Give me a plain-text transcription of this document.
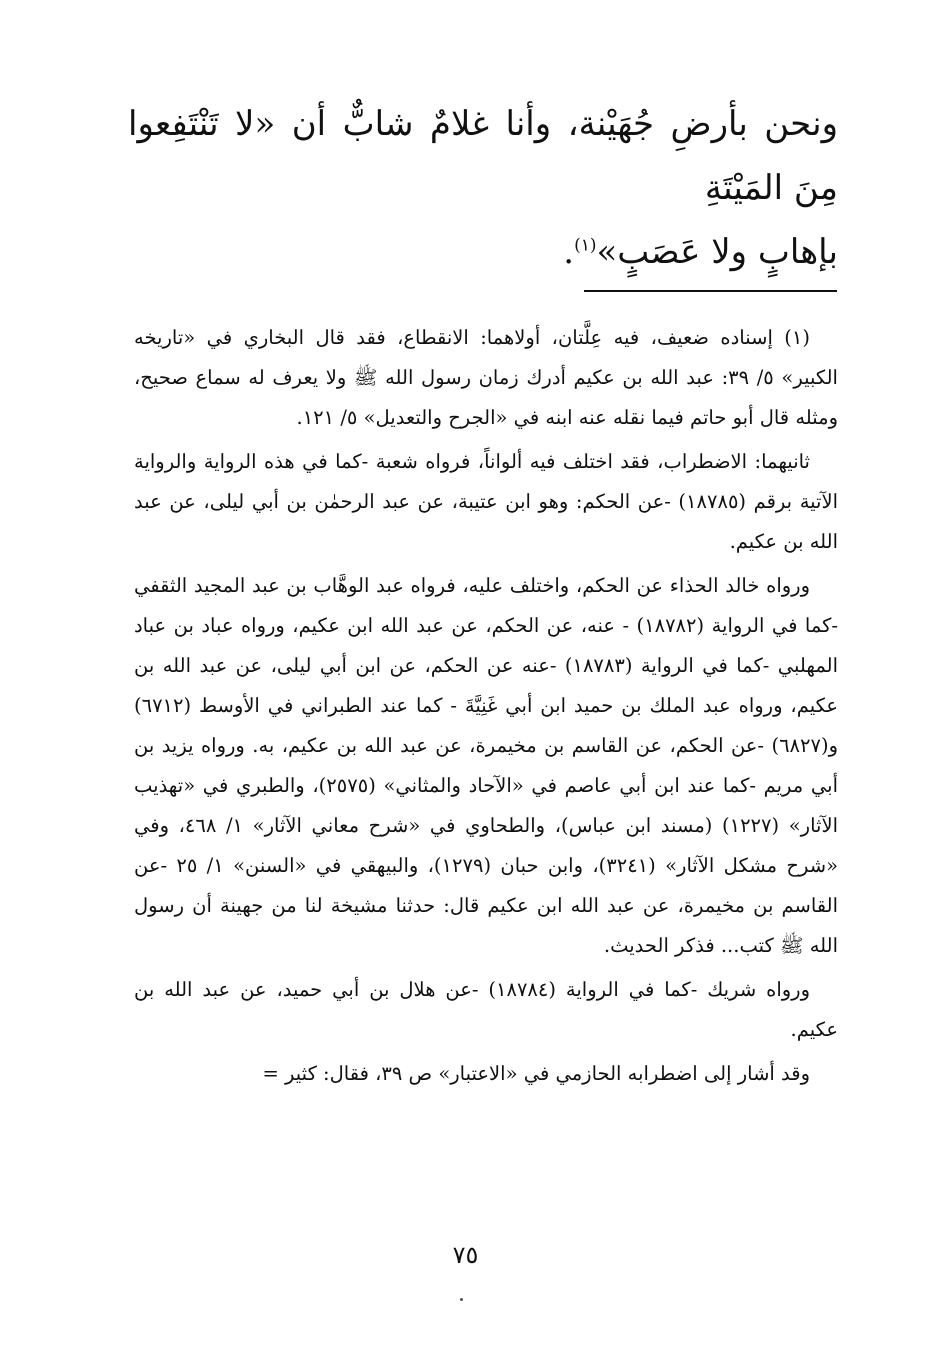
ونحن بأرضِ جُهَيْنة، وأنا غلامٌ شابٌّ أن «لا تَنْتَفِعوا مِنَ المَيْتَةِ
بإهابٍ ولا عَصَبٍ»$^{(١)}$.

(١) إسناده ضعيف، فيه عِلَّتان، أولاهما: الانقطاع، فقد قال البخاري في «تاريخه الكبير» ٥/ ٣٩: عبد الله بن عكيم أدرك زمان رسول الله ﷺ ولا يعرف له سماع صحيح، ومثله قال أبو حاتم فيما نقله عنه ابنه في «الجرح والتعديل» ٥/ ١٢١.

ثانيهما: الاضطراب، فقد اختلف فيه ألواناً، فرواه شعبة -كما في هذه الرواية والرواية الآتية برقم (١٨٧٨٥) -عن الحكم: وهو ابن عتيبة، عن عبد الرحمٰن بن أبي ليلى، عن عبد الله بن عكيم.

ورواه خالد الحذاء عن الحكم، واختلف عليه، فرواه عبد الوهَّاب بن عبد المجيد الثقفي -كما في الرواية (١٨٧٨٢) - عنه، عن الحكم، عن عبد الله ابن عكيم، ورواه عباد بن عباد المهلبي -كما في الرواية (١٨٧٨٣) -عنه عن الحكم، عن ابن أبي ليلى، عن عبد الله بن عكيم، ورواه عبد الملك بن حميد ابن أبي غَنِيَّةَ - كما عند الطبراني في الأوسط (٦٧١٢) و(٦٨٢٧) -عن الحكم، عن القاسم بن مخيمرة، عن عبد الله بن عكيم، به. ورواه يزيد بن أبي مريم -كما عند ابن أبي عاصم في «الآحاد والمثاني» (٢٥٧٥)، والطبري في «تهذيب الآثار» (١٢٢٧) (مسند ابن عباس)، والطحاوي في «شرح معاني الآثار» ١/ ٤٦٨، وفي «شرح مشكل الآثار» (٣٢٤١)، وابن حبان (١٢٧٩)، والبيهقي في «السنن» ١/ ٢٥ -عن القاسم بن مخيمرة، عن عبد الله ابن عكيم قال: حدثنا مشيخة لنا من جهينة أن رسول الله ﷺ كتب... فذكر الحديث.

ورواه شريك -كما في الرواية (١٨٧٨٤) -عن هلال بن أبي حميد، عن عبد الله بن عكيم.

وقد أشار إلى اضطرابه الحازمي في «الاعتبار» ص ٣٩، فقال: كثير =

٧٥
